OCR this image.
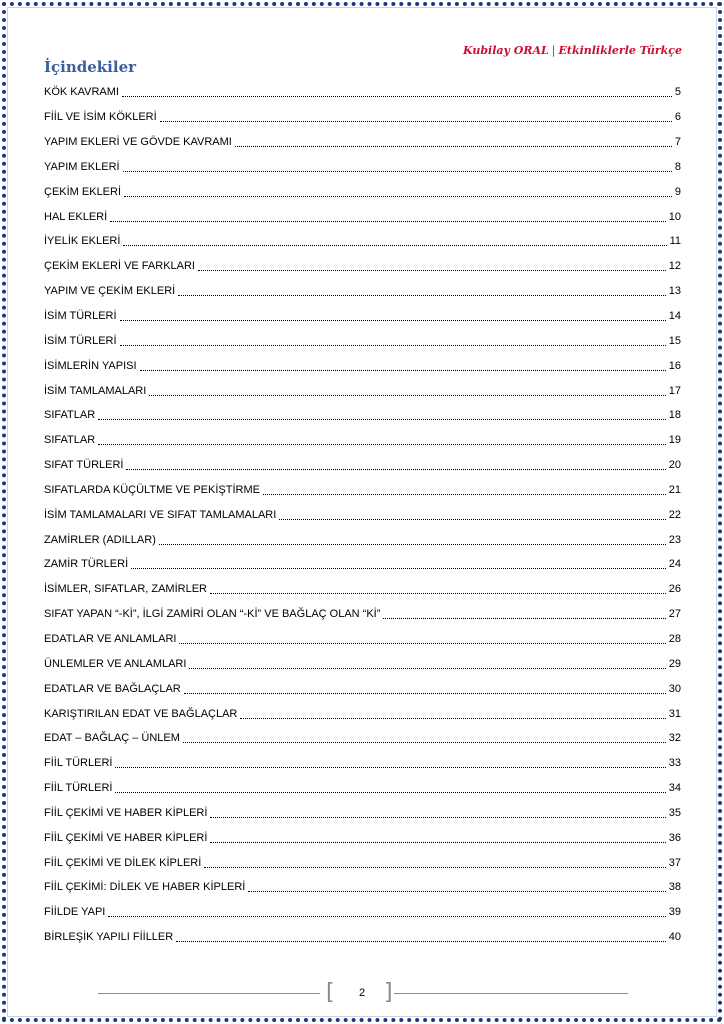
Kubilay ORAL | Etkinliklerle Türkçe
İçindekiler
KÖK KAVRAMI	5
FİİL VE İSİM KÖKLERİ	6
YAPIM EKLERİ VE GÖVDE KAVRAMI	7
YAPIM EKLERİ	8
ÇEKİM EKLERİ	9
HAL EKLERİ	10
İYELİK EKLERİ	11
ÇEKİM EKLERİ VE FARKLARI	12
YAPIM VE ÇEKİM EKLERİ	13
İSİM TÜRLERİ	14
İSİM TÜRLERİ	15
İSİMLERİN YAPISI	16
İSİM TAMLAMALARI	17
SIFATLAR	18
SIFATLAR	19
SIFAT TÜRLERİ	20
SIFATLARDA KÜÇÜLTME VE PEKİŞTİRME	21
İSİM TAMLAMALARI VE SIFAT TAMLAMALARI	22
ZAMİRLER (ADILLAR)	23
ZAMİR TÜRLERİ	24
İSİMLER, SIFATLAR, ZAMİRLER	26
SIFAT YAPAN “-Kİ”, İLGİ ZAMİRİ OLAN “-Kİ” VE BAĞLAÇ OLAN “Kİ”	27
EDATLAR VE ANLAMLARI	28
ÜNLEMLER VE ANLAMLARI	29
EDATLAR VE BAĞLAÇLAR	30
KARIŞTIRILAN EDAT VE BAĞLAÇLAR	31
EDAT – BAĞLAÇ – ÜNLEM	32
FİİL TÜRLERİ	33
FİİL TÜRLERİ	34
FİİL ÇEKİMİ VE HABER KİPLERİ	35
FİİL ÇEKİMİ VE HABER KİPLERİ	36
FİİL ÇEKİMİ VE DİLEK KİPLERİ	37
FİİL ÇEKİMİ: DİLEK VE HABER KİPLERİ	38
FİİLDE YAPI	39
BİRLEŞİK YAPILI FİİLLER	40
[	2 ]
